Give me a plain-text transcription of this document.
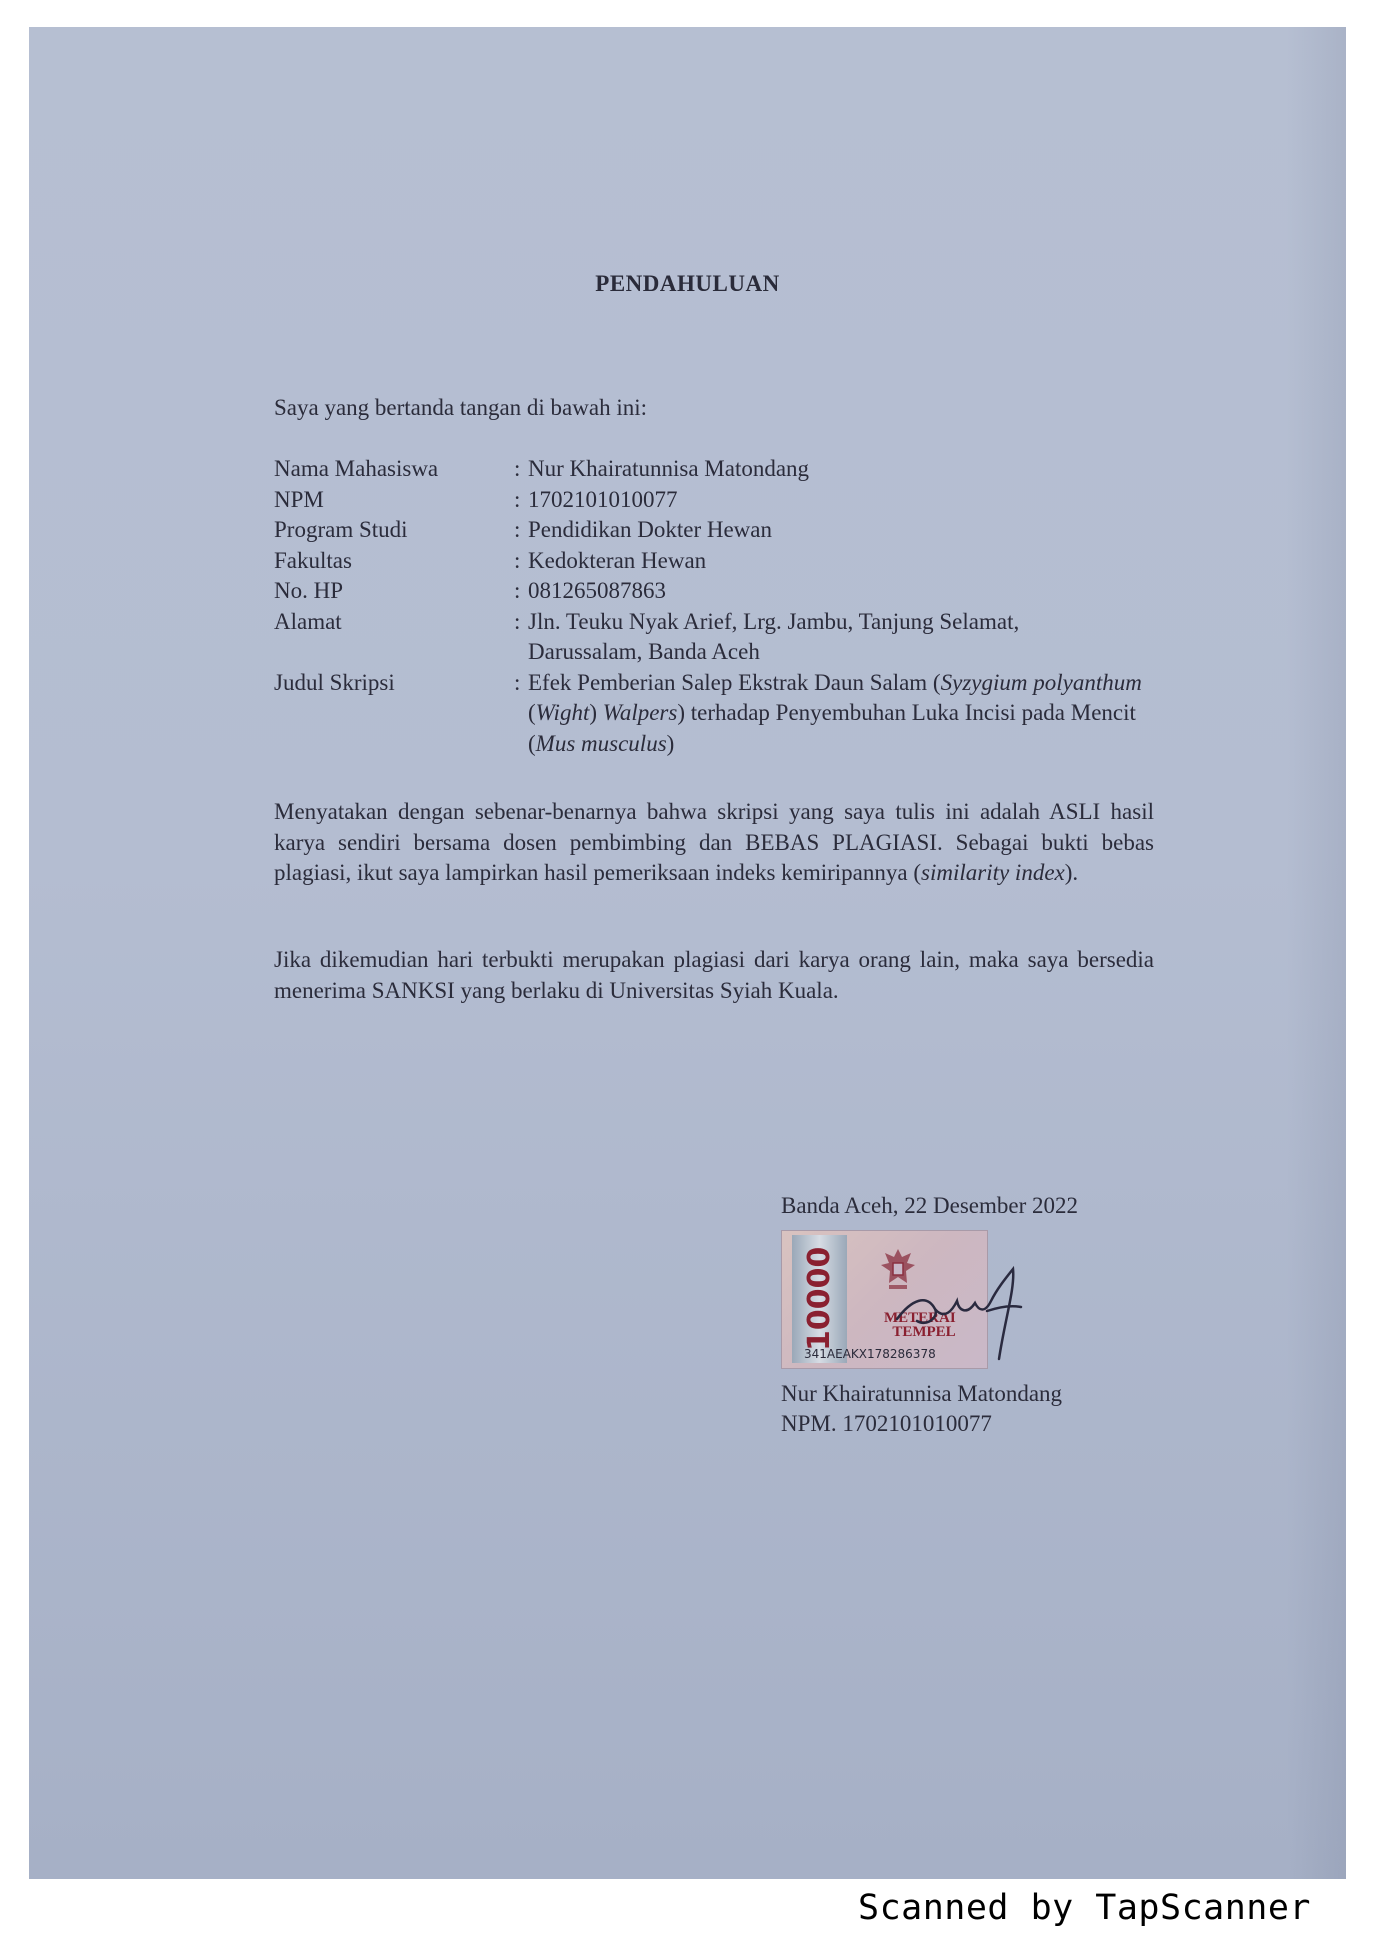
PENDAHULUAN
Saya yang bertanda tangan di bawah ini:
Nama Mahasiswa	: Nur Khairatunnisa Matondang
NPM	: 1702101010077
Program Studi	: Pendidikan Dokter Hewan
Fakultas	: Kedokteran Hewan
No. HP	: 081265087863
Alamat	: Jln. Teuku Nyak Arief, Lrg. Jambu, Tanjung Selamat,
Darussalam, Banda Aceh
Judul Skripsi	: Efek Pemberian Salep Ekstrak Daun Salam (Syzygium polyanthum (Wight) Walpers) terhadap Penyembuhan Luka Incisi pada Mencit (Mus musculus)
Menyatakan dengan sebenar-benarnya bahwa skripsi yang saya tulis ini adalah ASLI hasil karya sendiri bersama dosen pembimbing dan BEBAS PLAGIASI. Sebagai bukti bebas plagiasi, ikut saya lampirkan hasil pemeriksaan indeks kemiripannya (similarity index).
Jika dikemudian hari terbukti merupakan plagiasi dari karya orang lain, maka saya bersedia menerima SANKSI yang berlaku di Universitas Syiah Kuala.
Banda Aceh, 22 Desember 2022
10000	METERAI
TEMPEL
341AEAKX178286378
Nur Khairatunnisa Matondang
NPM. 1702101010077
Scanned by TapScanner
